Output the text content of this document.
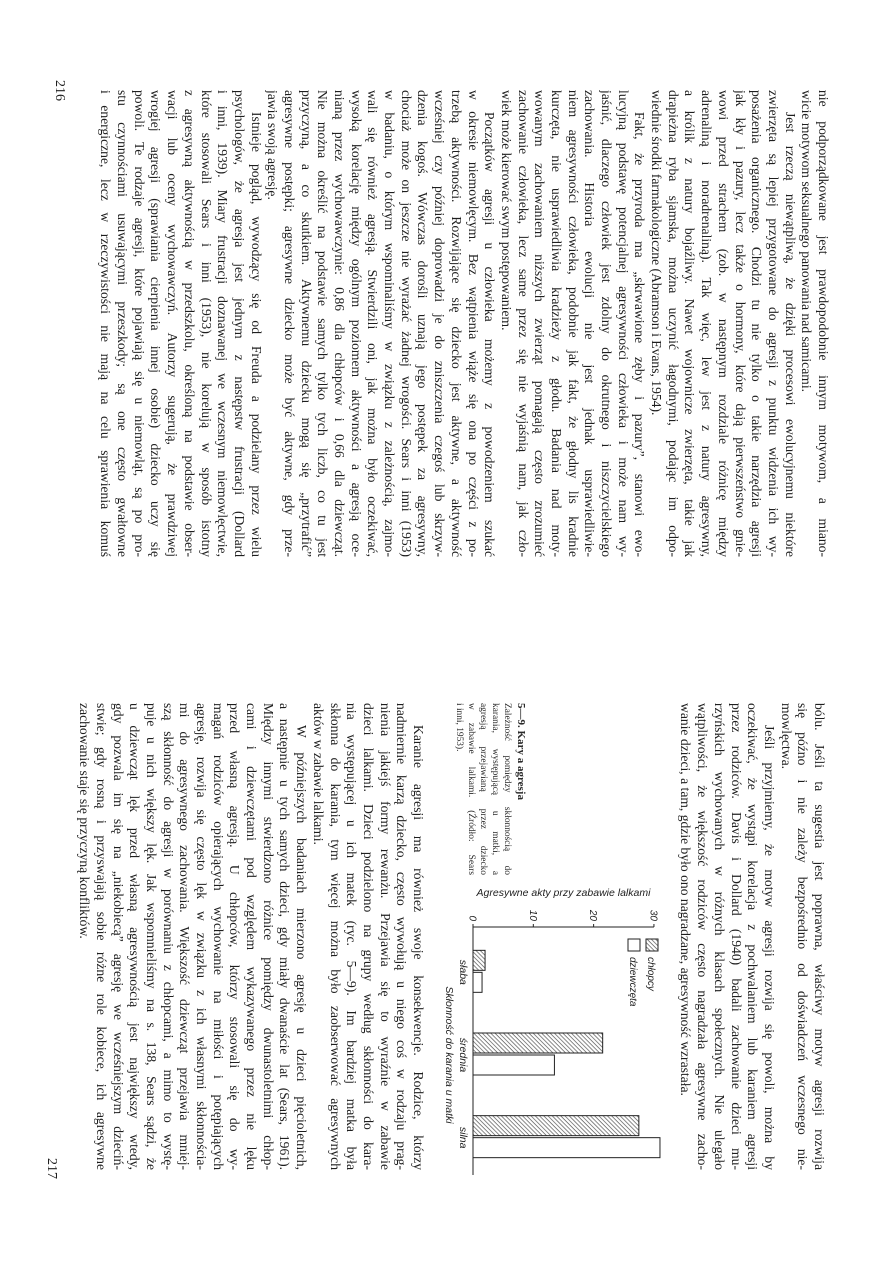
nie podporządkowane jest prawdopodobnie innym motywom, a miano-
wicie motywom seksualnego panowania nad samicami.
Jest rzeczą niewątpliwą, że dzięki procesowi ewolucyjnemu niektóre
zwierzęta są lepiej przygotowane do agresji z punktu widzenia ich wy-
posażenia organicznego. Chodzi tu nie tylko o takie narzędzia agresji
jak kły i pazury, lecz także o hormony, które dają pierwszeństwo gnie-
wowi przed strachem (zob. w następnym rozdziale różnicę między
adrenaliną i noradrenaliną). Tak więc, lew jest z natury agresywny,
a królik z natury bojaźliwy. Nawet wojownicze zwierzęta, takie jak
drapieżna ryba sjamska, można uczynić łagodnymi, podając im odpo-
wiednie środki farmakologiczne (Abramson i Evans, 1954).
Fakt, że przyroda ma „skrwawione zęby i pazury”, stanowi ewo-
lucyjną podstawę potencjalnej agresywności człowieka i może nam wy-
jaśnić, dlaczego człowiek jest zdolny do okrutnego i niszczycielskiego
zachowania. Historia ewolucji nie jest jednak usprawiedliwie-
niem agresywności człowieka, podobnie jak fakt, że głodny lis kradnie
kurczęta, nie usprawiedliwia kradzieży z głodu. Badania nad moty-
wowanym zachowaniem niższych zwierząt pomagają często zrozumieć
zachowanie człowieka, lecz same przez się nie wyjaśnią nam, jak czło-
wiek może kierować swym postępowaniem.
Początków agresji u człowieka możemy z powodzeniem szukać
w okresie niemowlęcym. Bez wątpienia wiąże się ona po części z po-
trzebą aktywności. Rozwijające się dziecko jest aktywne, a aktywność
wcześniej czy później doprowadzi je do zniszczenia czegoś lub skrzyw-
dzenia kogoś. Wówczas dorośli uznają jego postępek za agresywny,
chociaż może on jeszcze nie wyrażać żadnej wrogości. Sears i inni (1953)
w badaniu, o którym wspominaliśmy w związku z zależnością, zajmo-
wali się również agresją. Stwierdzili oni, jak można było oczekiwać,
wysoką korelację między ogólnym poziomem aktywności a agresją oce-
nianą przez wychowawczynie: 0,86 dla chłopców i 0,66 dla dziewcząt.
Nie można określić na podstawie samych tylko tych liczb, co tu jest
przyczyną, a co skutkiem. Aktywnemu dziecku mogą się „przytrafić”
agresywne postępki; agresywne dziecko może być aktywne, gdy prze-
jawia swoją agresję.
Istnieje pogląd, wywodzący się od Freuda a podzielany przez wielu
psychologów, że agresja jest jednym z następstw frustracji (Dollard
i inni, 1939). Miary frustracji doznawanej we wczesnym niemowlęctwie,
które stosowali Sears i inni (1953), nie korelują w sposób istotny
z agresywną aktywnością w przedszkolu, określoną na podstawie obser-
wacji lub oceny wychowawczyń. Autorzy sugerują, że prawdziwej
wrogiej agresji (sprawiania cierpienia innej osobie) dziecko uczy się
powoli. Te rodzaje agresji, które pojawiają się u niemowląt, są po pro-
stu czynnościami usuwającymi przeszkody; są one często gwałtowne
i energiczne, lecz w rzeczywistości nie mają na celu sprawienia komuś
216
bólu. Jeśli ta sugestia jest poprawna, właściwy motyw agresji rozwija
się późno i nie zależy bezpośrednio od doświadczeń wczesnego nie-
mowlęctwa.
Jeśli przyjmiemy, że motyw agresji rozwija się powoli, można by
oczekiwać, że wystąpi korelacja z pochwalaniem lub karaniem agresji
przez rodziców. Davis i Dollard (1940) badali zachowanie dzieci mu-
rzyńskich wychowanych w różnych klasach społecznych. Nie ulegało
wątpliwości, że większość rodziców często nagradzała agresywne zacho-
wanie dzieci, a tam, gdzie było ono nagradzane, agresywność wzrastała.
5—9. Kary a agresja
Zależność pomiędzy skłonnością do
karania, występującą u matki, a
agresją przejawianą przez dziecko
w zabawie lalkami. (Źródło: Sears
i inni, 1953).
0	10	20	30
Agresywne akty przy zabawie lalkami
słaba
średnia
silna
Skłonność do karania u matki
chłopcy
dziewczęta
Karanie agresji ma również swoje konsekwencje. Rodzice, którzy
nadmiernie karzą dziecko, często wywołują u niego coś w rodzaju prag-
nienia jakiejś formy rewanżu. Przejawia się to wyraźnie w zabawie
dzieci lalkami. Dzieci podzielono na grupy według skłonności do kara-
nia występującej u ich matek (ryc. 5—9). Im bardziej matka była
skłonna do karania, tym więcej można było zaobserwować agresywnych
aktów w zabawie lalkami.
W późniejszych badaniach mierzono agresję u dzieci pięcioletnich,
a następnie u tych samych dzieci, gdy miały dwanaście lat (Sears, 1961).
Między innymi stwierdzono różnice pomiędzy dwunastoletnimi chłop-
cami i dziewczętami pod względem wykazywanego przez nie lęku
przed własną agresją. U chłopców, którzy stosowali się do wy-
magań rodziców opierających wychowanie na miłości i potępiających
agresję, rozwija się często lęk w związku z ich własnymi skłonnościa-
mi do agresywnego zachowania. Większość dziewcząt przejawia mniej-
szą skłonność do agresji w porównaniu z chłopcami, a mimo to wystę-
puje u nich większy lęk. Jak wspomnieliśmy na s. 138, Sears sądzi, że
u dziewcząt lęk przed własną agresywnością jest największy wtedy,
gdy pozwala im się na „niekobiecą” agresję we wcześniejszym dzieciń-
stwie; gdy rosną i przyswajają sobie różne role kobiece, ich agresywne
zachowanie staje się przyczyną konfliktów.
217
